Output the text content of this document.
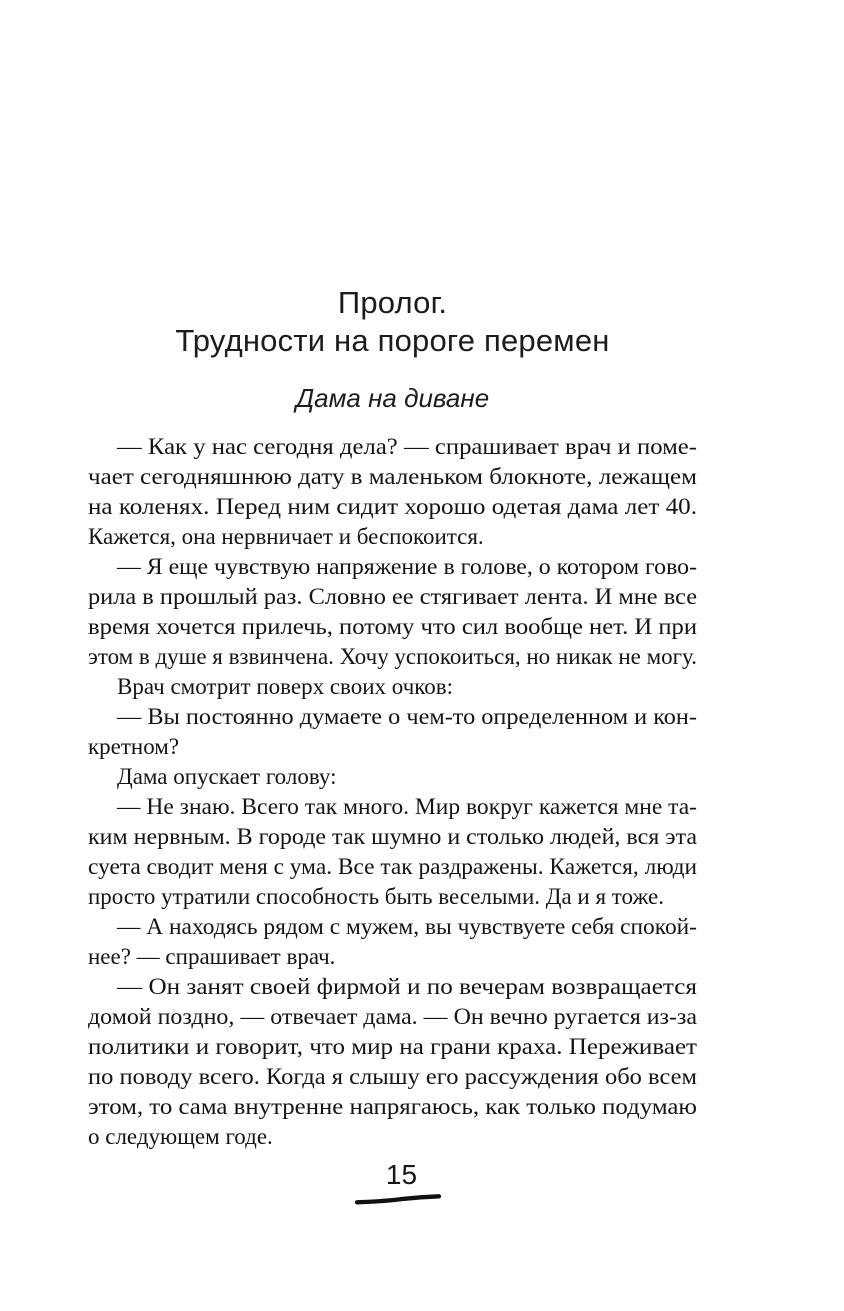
Пролог.
Трудности на пороге перемен
Дама на диване

— Как у нас сегодня дела? — спрашивает врач и поме-
чает сегодняшнюю дату в маленьком блокноте, лежащем
на коленях. Перед ним сидит хорошо одетая дама лет 40.
Кажется, она нервничает и беспокоится.

— Я еще чувствую напряжение в голове, о котором гово-
рила в прошлый раз. Словно ее стягивает лента. И мне все
время хочется прилечь, потому что сил вообще нет. И при
этом в душе я взвинчена. Хочу успокоиться, но никак не могу.

Врач смотрит поверх своих очков:

— Вы постоянно думаете о чем-то определенном и кон-
кретном?

Дама опускает голову:

— Не знаю. Всего так много. Мир вокруг кажется мне та-
ким нервным. В городе так шумно и столько людей, вся эта
суета сводит меня с ума. Все так раздражены. Кажется, люди
просто утратили способность быть веселыми. Да и я тоже.

— А находясь рядом с мужем, вы чувствуете себя спокой-
нее? — спрашивает врач.

— Он занят своей фирмой и по вечерам возвращается
домой поздно, — отвечает дама. — Он вечно ругается из-за
политики и говорит, что мир на грани краха. Переживает
по поводу всего. Когда я слышу его рассуждения обо всем
этом, то сама внутренне напрягаюсь, как только подумаю
о следующем годе.

15
